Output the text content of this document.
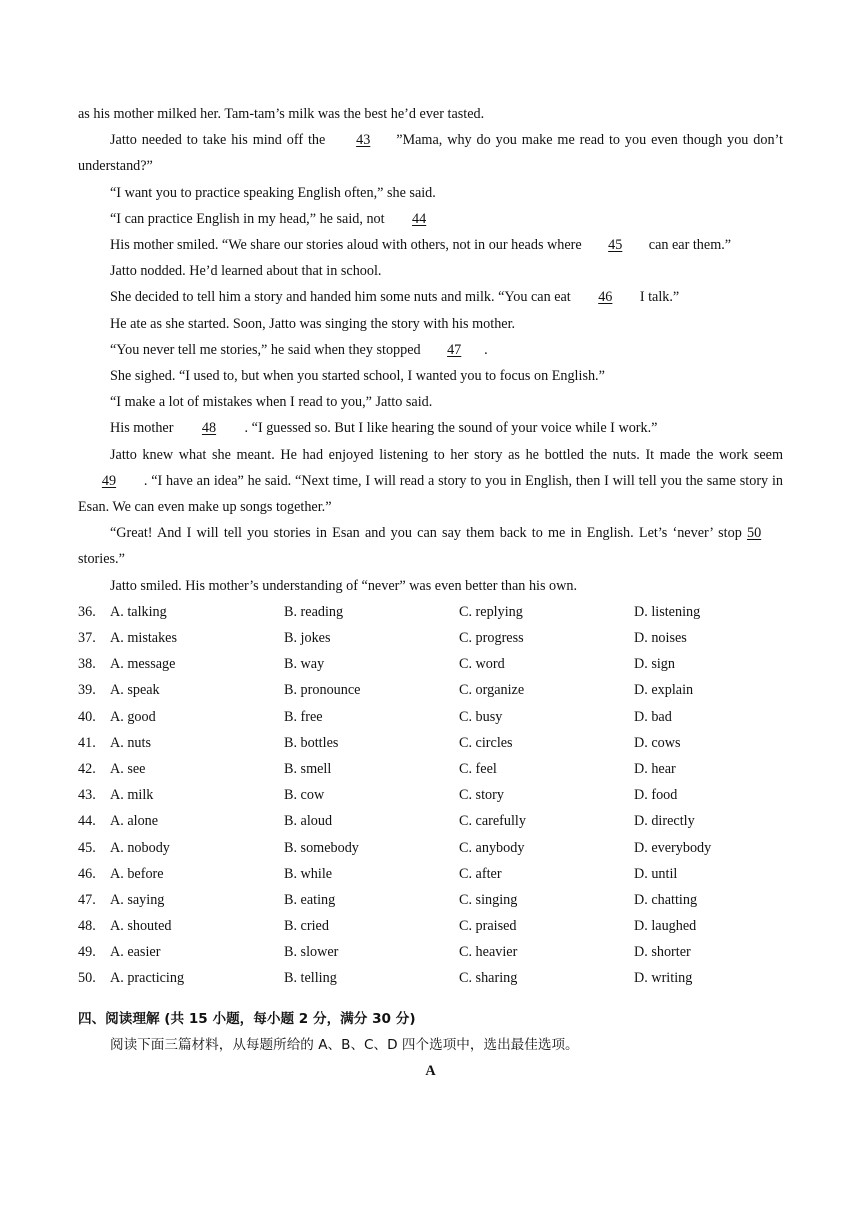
as his mother milked her. Tam-tam’s milk was the best he’d ever tasted.
Jatto needed to take his mind off the 43 ”Mama, why do you make me read to you even though you don’t understand?”
“I want you to practice speaking English often,” she said.
“I can practice English in my head,” he said, not 44
His mother smiled. “We share our stories aloud with others, not in our heads where 45 can ear them.”
Jatto nodded. He’d learned about that in school.
She decided to tell him a story and handed him some nuts and milk. “You can eat 46 I talk.”
He ate as she started. Soon, Jatto was singing the story with his mother.
“You never tell me stories,” he said when they stopped 47 .
She sighed. “I used to, but when you started school, I wanted you to focus on English.”
“I make a lot of mistakes when I read to you,” Jatto said.
His mother 48 . “I guessed so. But I like hearing the sound of your voice while I work.”
Jatto knew what she meant. He had enjoyed listening to her story as he bottled the nuts. It made the work seem 49 . “I have an idea” he said. “Next time, I will read a story to you in English, then I will tell you the same story in Esan. We can even make up songs together.”
“Great! And I will tell you stories in Esan and you can say them back to me in English. Let’s ‘never’ stop 50 stories.”
Jatto smiled. His mother’s understanding of “never” was even better than his own.
36.	A. talking	B. reading	C. replying	D. listening
37.	A. mistakes	B. jokes	C. progress	D. noises
38.	A. message	B. way	C. word	D. sign
39.	A. speak	B. pronounce	C. organize	D. explain
40.	A. good	B. free	C. busy	D. bad
41.	A. nuts	B. bottles	C. circles	D. cows
42.	A. see	B. smell	C. feel	D. hear
43.	A. milk	B. cow	C. story	D. food
44.	A. alone	B. aloud	C. carefully	D. directly
45.	A. nobody	B. somebody	C. anybody	D. everybody
46.	A. before	B. while	C. after	D. until
47.	A. saying	B. eating	C. singing	D. chatting
48.	A. shouted	B. cried	C. praised	D. laughed
49.	A. easier	B. slower	C. heavier	D. shorter
50.	A. practicing	B. telling	C. sharing	D. writing
四、阅读理解 (共 15 小题，每小题 2 分，满分 30 分)
阅读下面三篇材料，从每题所给的 A、B、C、D 四个选项中，选出最佳选项。
A
